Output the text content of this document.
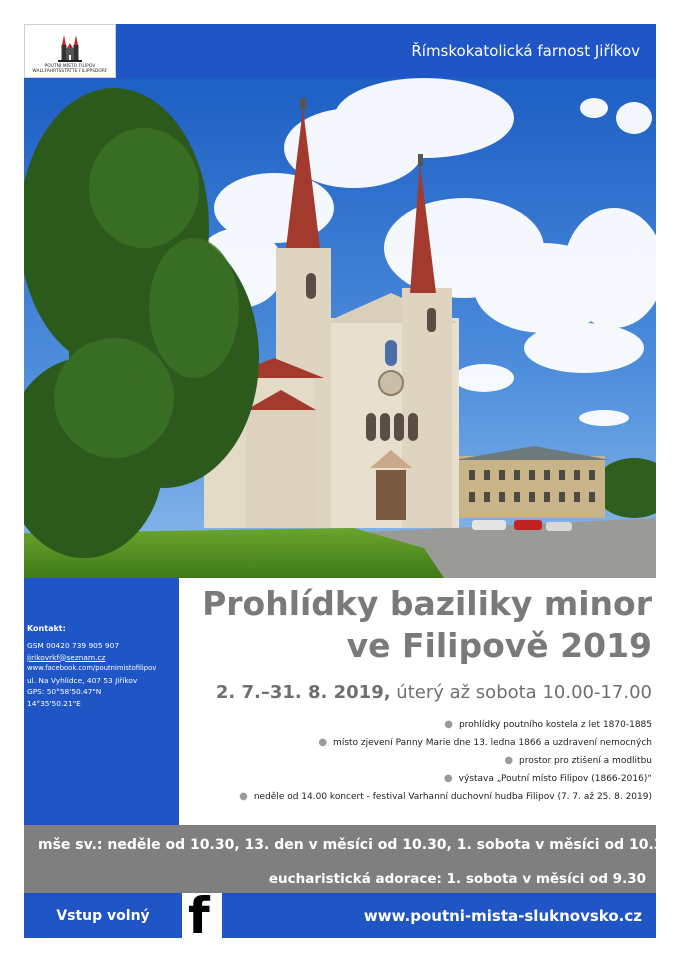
POUTNÍ MÍSTO FILIPOV
WALLFAHRTSSTÄTTE FILIPPSDORF
Římskokatolická farnost Jiříkov
Kontakt:
GSM 00420 739 905 907
jirikovrkf@seznam.cz
www.facebook.com/poutnimistofilipov
ul. Na Vyhlídce, 407 53 Jiříkov
GPS: 50°58'50.47"N
14°35'50.21"E
Prohlídky baziliky minor
ve Filipově 2019
2. 7.–31. 8. 2019, úterý až sobota 10.00-17.00
● prohlídky poutního kostela z let 1870-1885
● místo zjevení Panny Marie dne 13. ledna 1866 a uzdravení nemocných
● prostor pro ztišení a modlitbu
● výstava „Poutní místo Filipov (1866-2016)“
● neděle od 14.00 koncert - festival Varhanní duchovní hudba Filipov (7. 7. až 25. 8. 2019)
mše sv.: neděle od 10.30, 13. den v měsíci od 10.30, 1. sobota v měsíci od 10.30
eucharistická adorace: 1. sobota v měsíci od 9.30
Vstup volný f	www.poutni-mista-sluknovsko.cz
